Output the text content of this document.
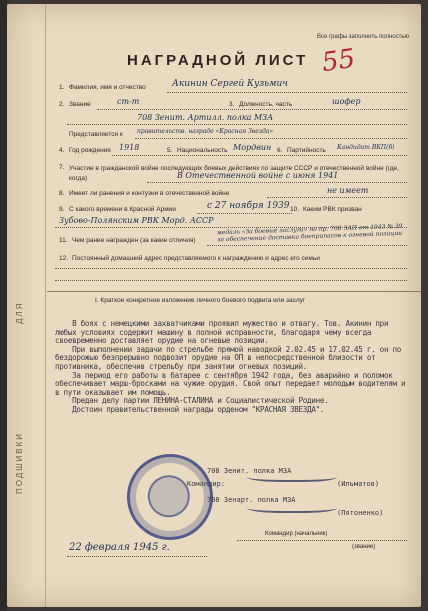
ДЛЯ
ПОДШИВКИ
Все графы заполнить полностью
НАГРАДНОЙ ЛИСТ 55
1. Фамилия, имя и отчество	Акинин Сергей Кузьмич
2. Звание	ст-т	3. Должность, часть	шофер
708 Зенит. Артилл. полка МЗА
Представляется к правительств. награде «Красная Звезда»
4. Год рождения 1918	5. Национальность Мордвин 6. Партийность Кандидат ВКП(б)
7. Участие в гражданской войне последующих боевых действиях по защите СССР и отечественной войне (где, когда)	В Отечественной войне с июня 1941
8. Имеет ли ранения и контузии в отечественной войне	не имеет
9. С какого времени в Красной Армии	с 27 ноября 1939 10. Каким РВК призван
Зубово-Полянским РВК Морд. АССР
11. Чем ранее награжден (за какие отличия)
медаль «За боевые заслуги» по пр. 708 ЗАП от 1943 № 39 за обеспечение доставки боеприпасов к огневой позиции
12. Постоянный домашний адрес представляемого к награждению и адрес его семьи
I. Краткое конкретное изложение личного боевого подвига или заслуг

В боях с немецкими захватчиками проявил мужество и отвагу. Тов. Акинин при любых условиях содержит машину в полной исправности, благодаря чему всегда своевременно доставляет орудие на огневые позиции.

При выполнении задачи по стрельбе прямой наводкой 2.02.45 и 17.02.45 г. он по бездорожью безпрерывно подвозит орудие на ОП в непосредственной близости от противника, обеспечив стрельбу при занятии огневых позиций.

За период его работы в батарее с сентября 1942 года, без аварийно и поломок обеспечивает марш-бросками на чужие орудия. Свой опыт передает молодым водителям и в пути оказывает им помощь.

Предан делу партии ЛЕНИНА-СТАЛИНА и Социалистической Родине.

Достоин правительственной награды орденом "КРАСНАЯ ЗВЕЗДА".

708 Зенит. полка МЗА
Командир:	(Ильматов)
708 Зенарт. полка МЗА
(Пятоненко)
22 февраля 1945 г.
Командир (начальник)
(звание)
